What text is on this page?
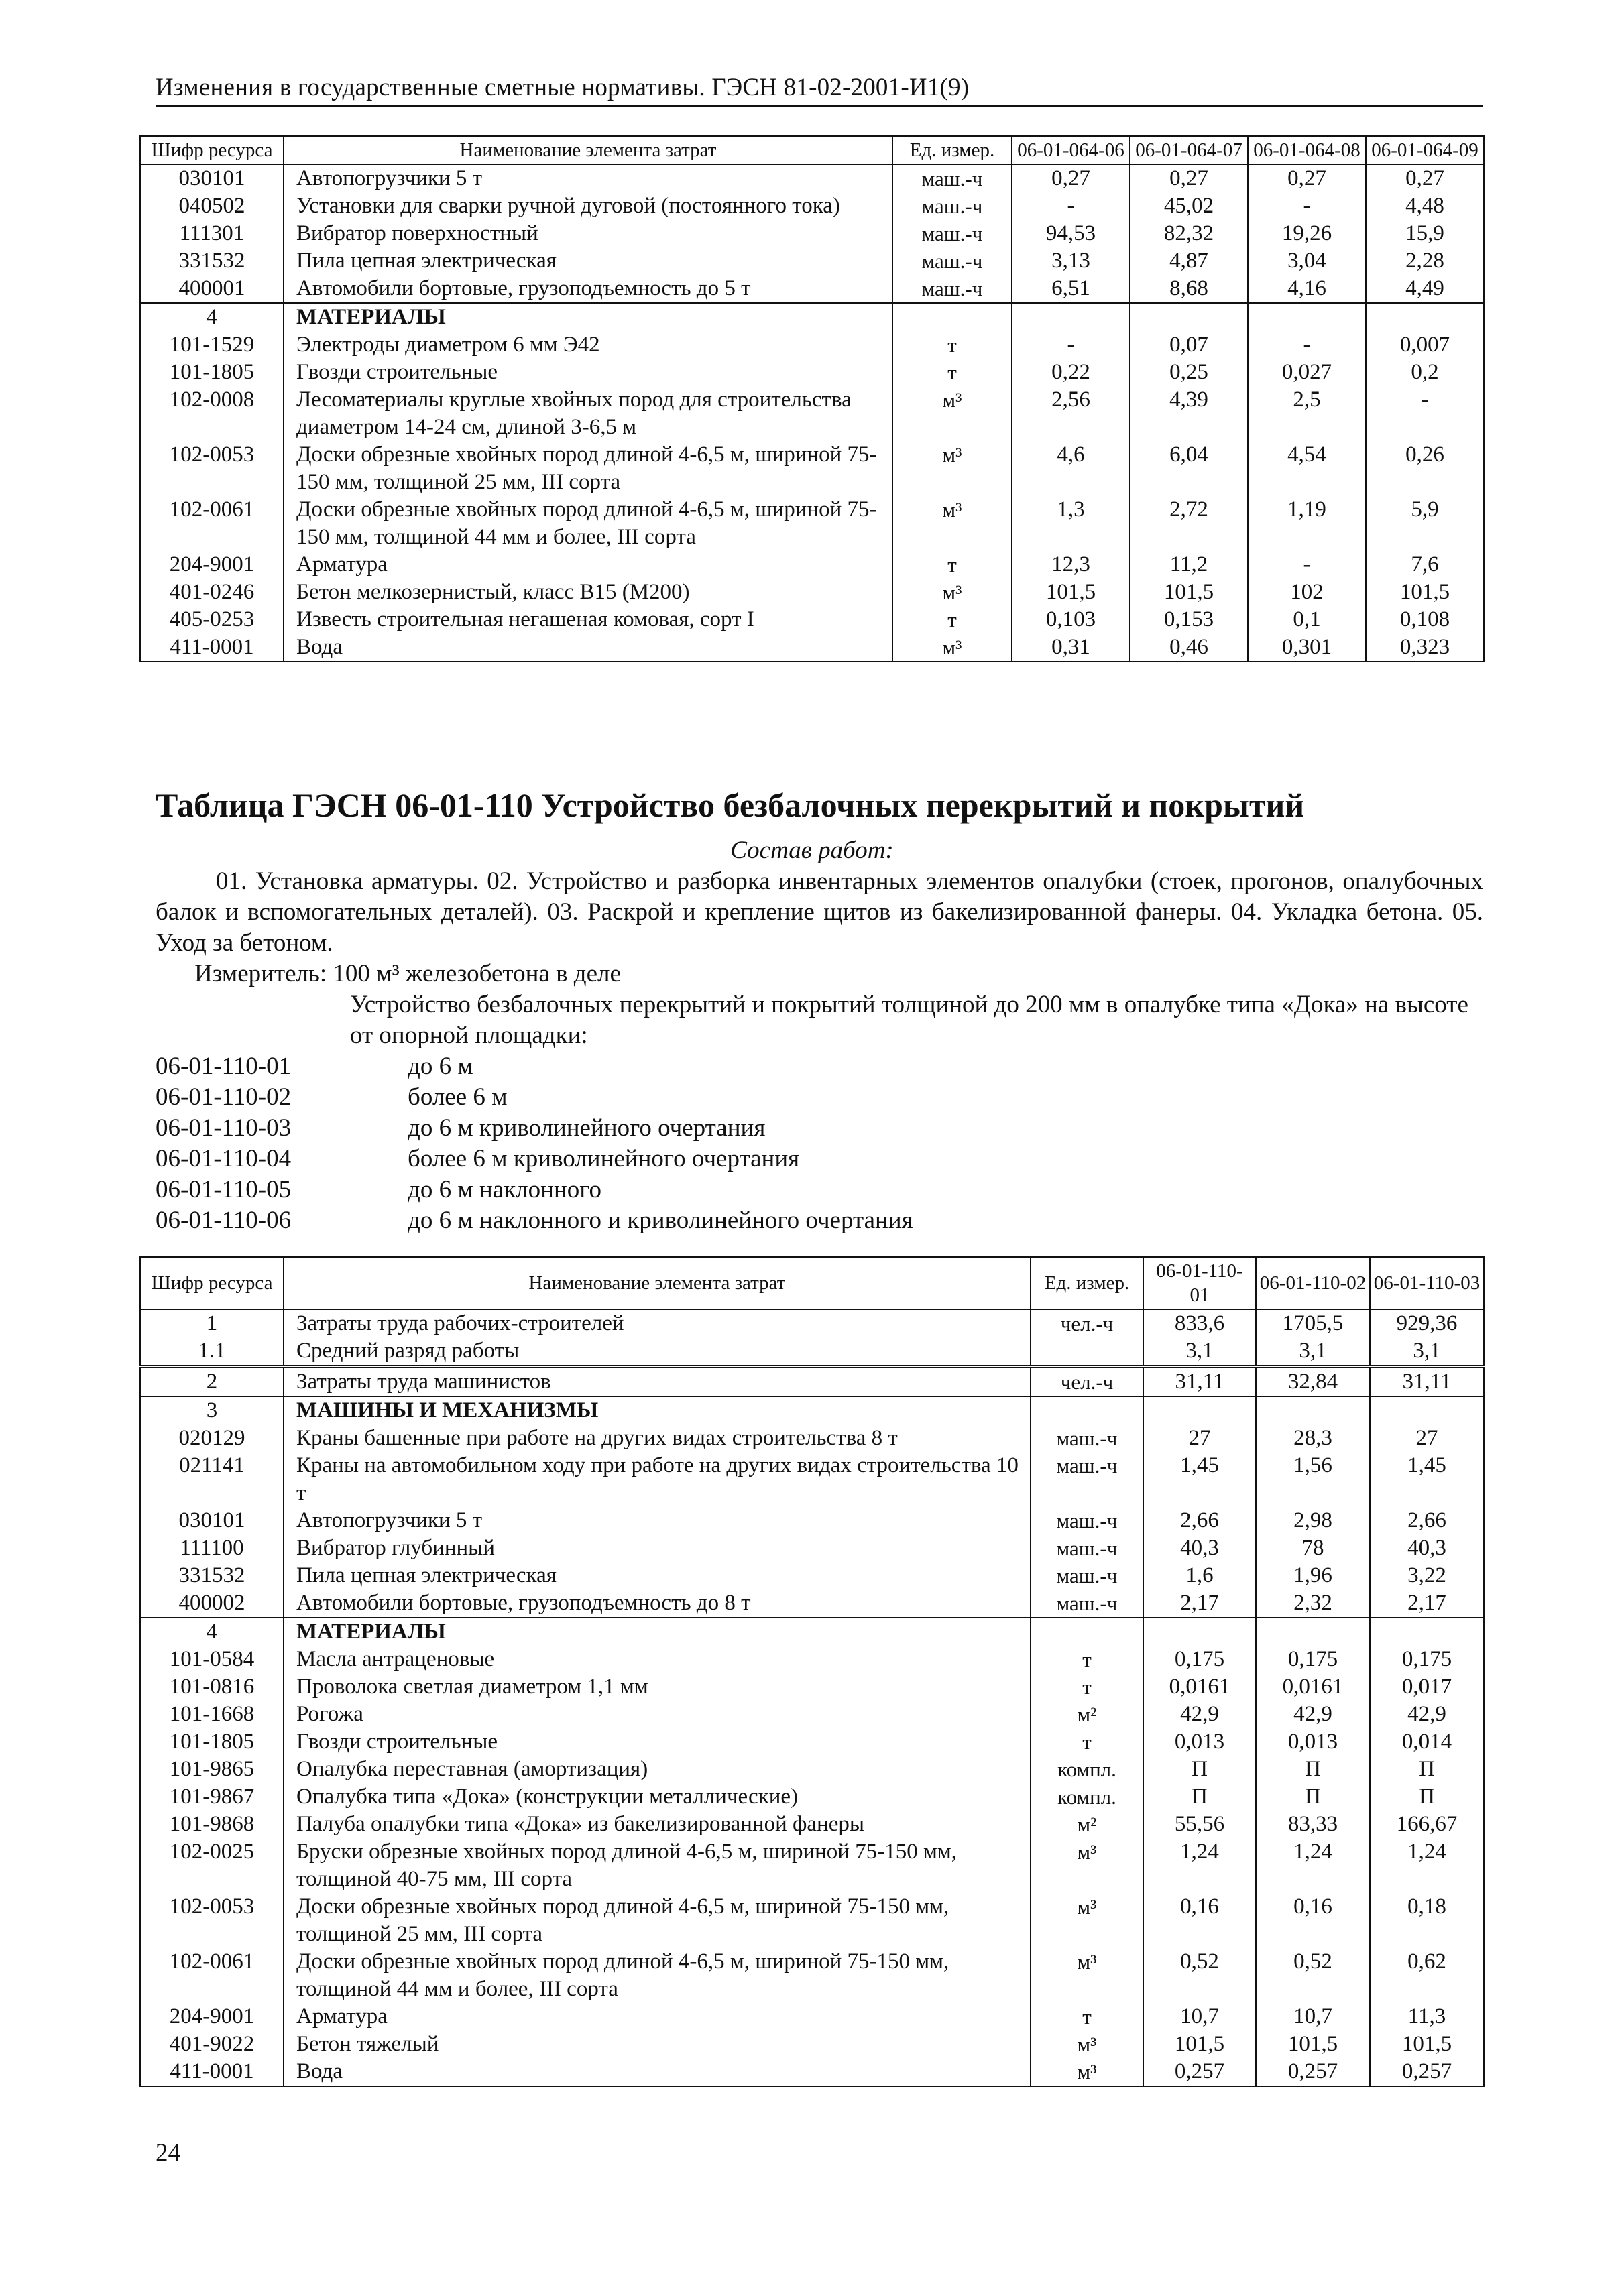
Изменения в государственные сметные нормативы. ГЭСН 81-02-2001-И1(9)
Шифр ресурса	Наименование элемента затрат	Ед. измер.	06-01-064-06	06-01-064-07	06-01-064-08	06-01-064-09
030101	Автопогрузчики 5 т	маш.-ч	0,27	0,27	0,27	0,27
040502	Установки для сварки ручной дуговой (постоянного тока)	маш.-ч	-	45,02	-	4,48
111301	Вибратор поверхностный	маш.-ч	94,53	82,32	19,26	15,9
331532	Пила цепная электрическая	маш.-ч	3,13	4,87	3,04	2,28
400001	Автомобили бортовые, грузоподъемность до 5 т	маш.-ч	6,51	8,68	4,16	4,49
4	МАТЕРИАЛЫ					
101-1529	Электроды диаметром 6 мм Э42	т	-	0,07	-	0,007
101-1805	Гвозди строительные	т	0,22	0,25	0,027	0,2
102-0008	Лесоматериалы круглые хвойных пород для строительства диаметром 14-24 см, длиной 3-6,5 м	м³	2,56	4,39	2,5	-
102-0053	Доски обрезные хвойных пород длиной 4-6,5 м, шириной 75-150 мм, толщиной 25 мм, III сорта	м³	4,6	6,04	4,54	0,26
102-0061	Доски обрезные хвойных пород длиной 4-6,5 м, шириной 75-150 мм, толщиной 44 мм и более, III сорта	м³	1,3	2,72	1,19	5,9
204-9001	Арматура	т	12,3	11,2	-	7,6
401-0246	Бетон мелкозернистый, класс В15 (М200)	м³	101,5	101,5	102	101,5
405-0253	Известь строительная негашеная комовая, сорт I	т	0,103	0,153	0,1	0,108
411-0001	Вода	м³	0,31	0,46	0,301	0,323
Таблица ГЭСН 06-01-110 Устройство безбалочных перекрытий и покрытий
Состав работ:
01. Установка арматуры. 02. Устройство и разборка инвентарных элементов опалубки (стоек, прогонов, опалубочных балок и вспомогательных деталей). 03. Раскрой и крепление щитов из бакелизированной фанеры. 04. Укладка бетона. 05. Уход за бетоном.
Измеритель: 100 м³ железобетона в деле
Устройство безбалочных перекрытий и покрытий толщиной до 200 мм в опалубке типа «Дока» на высоте от опорной площадки:
06-01-110-01	до 6 м
06-01-110-02	более 6 м
06-01-110-03	до 6 м криволинейного очертания
06-01-110-04	более 6 м криволинейного очертания
06-01-110-05	до 6 м наклонного
06-01-110-06	до 6 м наклонного и криволинейного очертания
Шифр ресурса	Наименование элемента затрат	Ед. измер.	06-01-110-01	06-01-110-02	06-01-110-03
1	Затраты труда рабочих-строителей	чел.-ч	833,6	1705,5	929,36
1.1	Средний разряд работы		3,1	3,1	3,1
2	Затраты труда машинистов	чел.-ч	31,11	32,84	31,11
3	МАШИНЫ И МЕХАНИЗМЫ				
020129	Краны башенные при работе на других видах строительства 8 т	маш.-ч	27	28,3	27
021141	Краны на автомобильном ходу при работе на других видах строительства 10 т	маш.-ч	1,45	1,56	1,45
030101	Автопогрузчики 5 т	маш.-ч	2,66	2,98	2,66
111100	Вибратор глубинный	маш.-ч	40,3	78	40,3
331532	Пила цепная электрическая	маш.-ч	1,6	1,96	3,22
400002	Автомобили бортовые, грузоподъемность до 8 т	маш.-ч	2,17	2,32	2,17
4	МАТЕРИАЛЫ				
101-0584	Масла антраценовые	т	0,175	0,175	0,175
101-0816	Проволока светлая диаметром 1,1 мм	т	0,0161	0,0161	0,017
101-1668	Рогожа	м²	42,9	42,9	42,9
101-1805	Гвозди строительные	т	0,013	0,013	0,014
101-9865	Опалубка переставная (амортизация)	компл.	П	П	П
101-9867	Опалубка типа «Дока» (конструкции металлические)	компл.	П	П	П
101-9868	Палуба опалубки типа «Дока» из бакелизированной фанеры	м²	55,56	83,33	166,67
102-0025	Бруски обрезные хвойных пород длиной 4-6,5 м, шириной 75-150 мм, толщиной 40-75 мм, III сорта	м³	1,24	1,24	1,24
102-0053	Доски обрезные хвойных пород длиной 4-6,5 м, шириной 75-150 мм, толщиной 25 мм, III сорта	м³	0,16	0,16	0,18
102-0061	Доски обрезные хвойных пород длиной 4-6,5 м, шириной 75-150 мм, толщиной 44 мм и более, III сорта	м³	0,52	0,52	0,62
204-9001	Арматура	т	10,7	10,7	11,3
401-9022	Бетон тяжелый	м³	101,5	101,5	101,5
411-0001	Вода	м³	0,257	0,257	0,257
24
